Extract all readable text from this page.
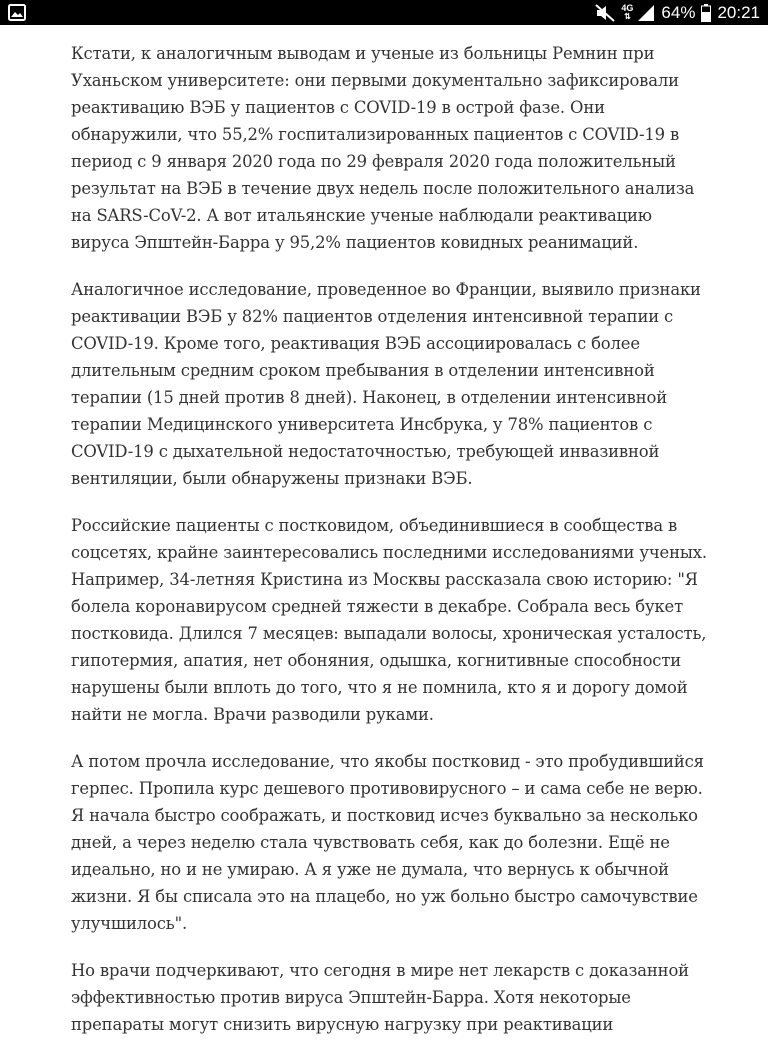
4G
⇅ 64% 20:21

Кстати, к аналогичным выводам и ученые из больницы Ремнин при Уханьском университете: они первыми документально зафиксировали реактивацию ВЭБ у пациентов с COVID-19 в острой фазе. Они обнаружили, что 55,2% госпитализированных пациентов с COVID-19 в период с 9 января 2020 года по 29 февраля 2020 года положительный результат на ВЭБ в течение двух недель после положительного анализа на SARS-CoV-2. А вот итальянские ученые наблюдали реактивацию вируса Эпштейн-Барра у 95,2% пациентов ковидных реанимаций.

Аналогичное исследование, проведенное во Франции, выявило признаки реактивации ВЭБ у 82% пациентов отделения интенсивной терапии с COVID-19. Кроме того, реактивация ВЭБ ассоциировалась с более длительным средним сроком пребывания в отделении интенсивной терапии (15 дней против 8 дней). Наконец, в отделении интенсивной терапии Медицинского университета Инсбрука, у 78% пациентов с COVID-19 с дыхательной недостаточностью, требующей инвазивной вентиляции, были обнаружены признаки ВЭБ.

Российские пациенты с постковидом, объединившиеся в сообщества в соцсетях, крайне заинтересовались последними исследованиями ученых. Например, 34-летняя Кристина из Москвы рассказала свою историю: "Я болела коронавирусом средней тяжести в декабре. Собрала весь букет постковида. Длился 7 месяцев: выпадали волосы, хроническая усталость, гипотермия, апатия, нет обоняния, одышка, когнитивные способности нарушены были вплоть до того, что я не помнила, кто я и дорогу домой найти не могла. Врачи разводили руками.

А потом прочла исследование, что якобы постковид - это пробудившийся герпес. Пропила курс дешевого противовирусного – и сама себе не верю. Я начала быстро соображать, и постковид исчез буквально за несколько дней, а через неделю стала чувствовать себя, как до болезни. Ещё не идеально, но и не умираю. А я уже не думала, что вернусь к обычной жизни. Я бы списала это на плацебо, но уж больно быстро самочувствие улучшилось".

Но врачи подчеркивают, что сегодня в мире нет лекарств с доказанной эффективностью против вируса Эпштейн-Барра. Хотя некоторые препараты могут снизить вирусную нагрузку при реактивации
